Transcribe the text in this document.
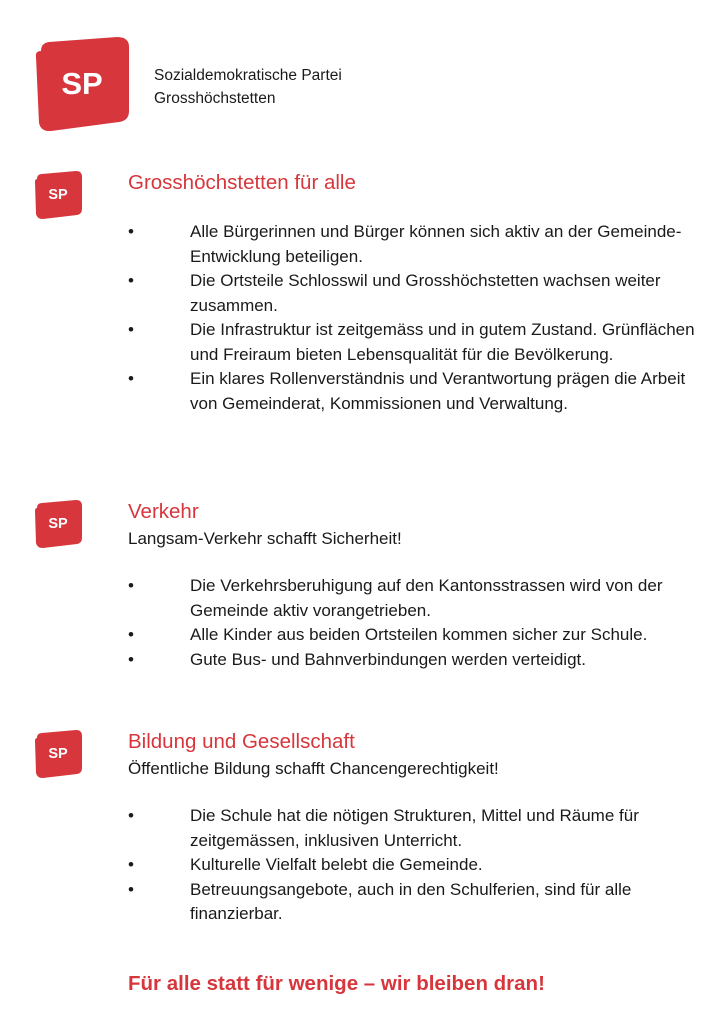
SP	Sozialdemokratische Partei
Grosshöchstetten
SP
Grosshöchstetten für alle
•	Alle Bürgerinnen und Bürger können sich aktiv an der Gemeinde-Entwicklung beteiligen.
•	Die Ortsteile Schlosswil und Grosshöchstetten wachsen weiter zusammen.
•	Die Infrastruktur ist zeitgemäss und in gutem Zustand. Grünflächen und Freiraum bieten Lebensqualität für die Bevölkerung.
•	Ein klares Rollenverständnis und Verantwortung prägen die Arbeit von Gemeinderat, Kommissionen und Verwaltung.
SP
Verkehr
Langsam-Verkehr schafft Sicherheit!
•	Die Verkehrsberuhigung auf den Kantonsstrassen wird von der Gemeinde aktiv vorangetrieben.
•	Alle Kinder aus beiden Ortsteilen kommen sicher zur Schule.
•	Gute Bus- und Bahnverbindungen werden verteidigt.
SP
Bildung und Gesellschaft
Öffentliche Bildung schafft Chancengerechtigkeit!
•	Die Schule hat die nötigen Strukturen, Mittel und Räume für zeitgemässen, inklusiven Unterricht.
•	Kulturelle Vielfalt belebt die Gemeinde.
•	Betreuungsangebote, auch in den Schulferien, sind für alle finanzierbar.
Für alle statt für wenige – wir bleiben dran!
